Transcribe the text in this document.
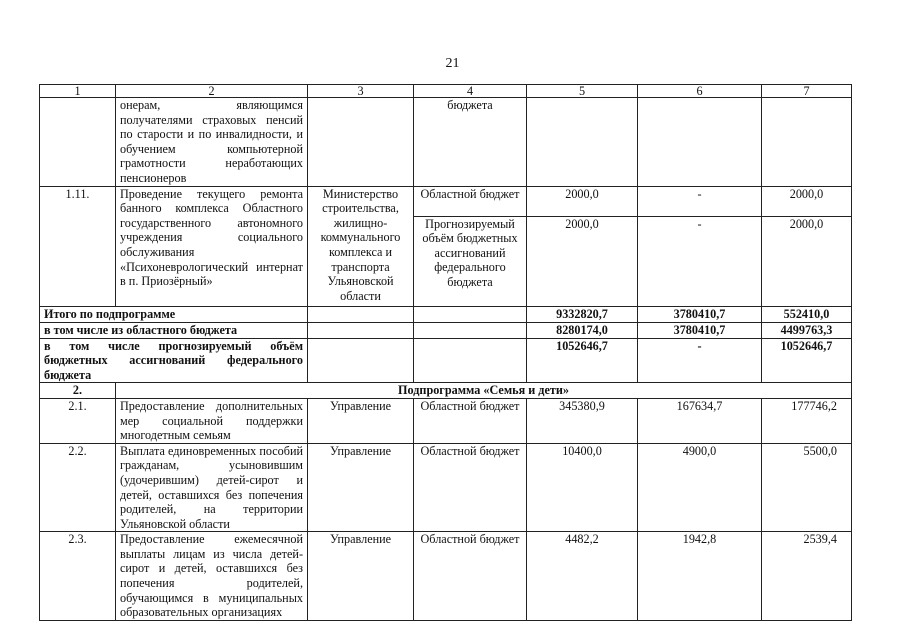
21
1	2	3	4	5	6	7
	онерам, являющимся получателями страховых пенсий по старости и по инвалидности, и обучением компьютерной грамотности неработающих пенсионеров		бюджета			
1.11.	Проведение текущего ремонта банного комплекса Областного государственного автономного учреждения социального обслуживания «Психоневрологический интернат в п. Приозёрный»	Министерство строительства, жилищно-коммунального комплекса и транспорта Ульяновской области	Областной бюджет	2000,0	-	2000,0
			Прогнозируемый объём бюджетных ассигнований федерального бюджета	2000,0	-	2000,0
Итого по подпрограмме				9332820,7	3780410,7	552410,0
в том числе из областного бюджета				8280174,0	3780410,7	4499763,3
в том числе прогнозируемый объём бюджетных ассигнований федерального бюджета				1052646,7	-	1052646,7
2.	Подпрограмма «Семья и дети»					
2.1.	Предоставление дополнительных мер социальной поддержки многодетным семьям	Управление	Областной бюджет	345380,9	167634,7	177746,2
2.2.	Выплата единовременных пособий гражданам, усыновившим (удочерившим) детей-сирот и детей, оставшихся без попечения родителей, на территории Ульяновской области	Управление	Областной бюджет	10400,0	4900,0	5500,0
2.3.	Предоставление ежемесячной выплаты лицам из числа детей-сирот и детей, оставшихся без попечения родителей, обучающимся в муниципальных образовательных организациях	Управление	Областной бюджет	4482,2	1942,8	2539,4
